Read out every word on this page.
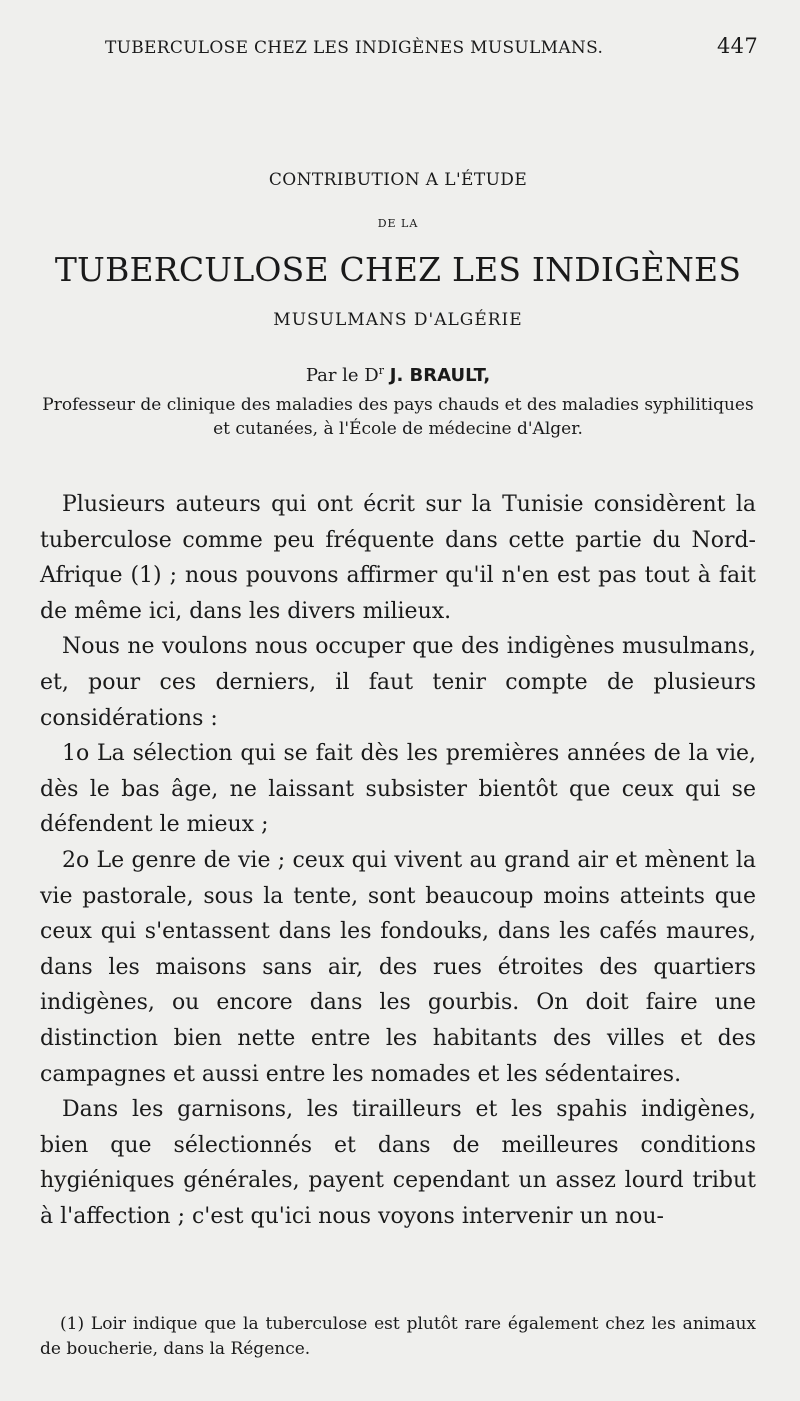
TUBERCULOSE CHEZ LES INDIGÈNES MUSULMANS.	447
CONTRIBUTION A L'ÉTUDE
DE LA
TUBERCULOSE CHEZ LES INDIGÈNES
MUSULMANS D'ALGÉRIE
Par le $D^r$ J. BRAULT,
Professeur de clinique des maladies des pays chauds et des maladies syphilitiques et cutanées, à l'École de médecine d'Alger.

Plusieurs auteurs qui ont écrit sur la Tunisie considèrent la tuberculose comme peu fréquente dans cette partie du Nord-Afrique (1) ; nous pouvons affirmer qu'il n'en est pas tout à fait de même ici, dans les divers milieux.

Nous ne voulons nous occuper que des indigènes musulmans, et, pour ces derniers, il faut tenir compte de plusieurs considérations :

1o La sélection qui se fait dès les premières années de la vie, dès le bas âge, ne laissant subsister bientôt que ceux qui se défendent le mieux ;

2o Le genre de vie ; ceux qui vivent au grand air et mènent la vie pastorale, sous la tente, sont beaucoup moins atteints que ceux qui s'entassent dans les fondouks, dans les cafés maures, dans les maisons sans air, des rues étroites des quartiers indigènes, ou encore dans les gourbis. On doit faire une distinction bien nette entre les habitants des villes et des campagnes et aussi entre les nomades et les sédentaires.

Dans les garnisons, les tirailleurs et les spahis indigènes, bien que sélectionnés et dans de meilleures conditions hygiéniques générales, payent cependant un assez lourd tribut à l'affection ; c'est qu'ici nous voyons intervenir un nou-

(1) Loir indique que la tuberculose est plutôt rare également chez les animaux de boucherie, dans la Régence.
